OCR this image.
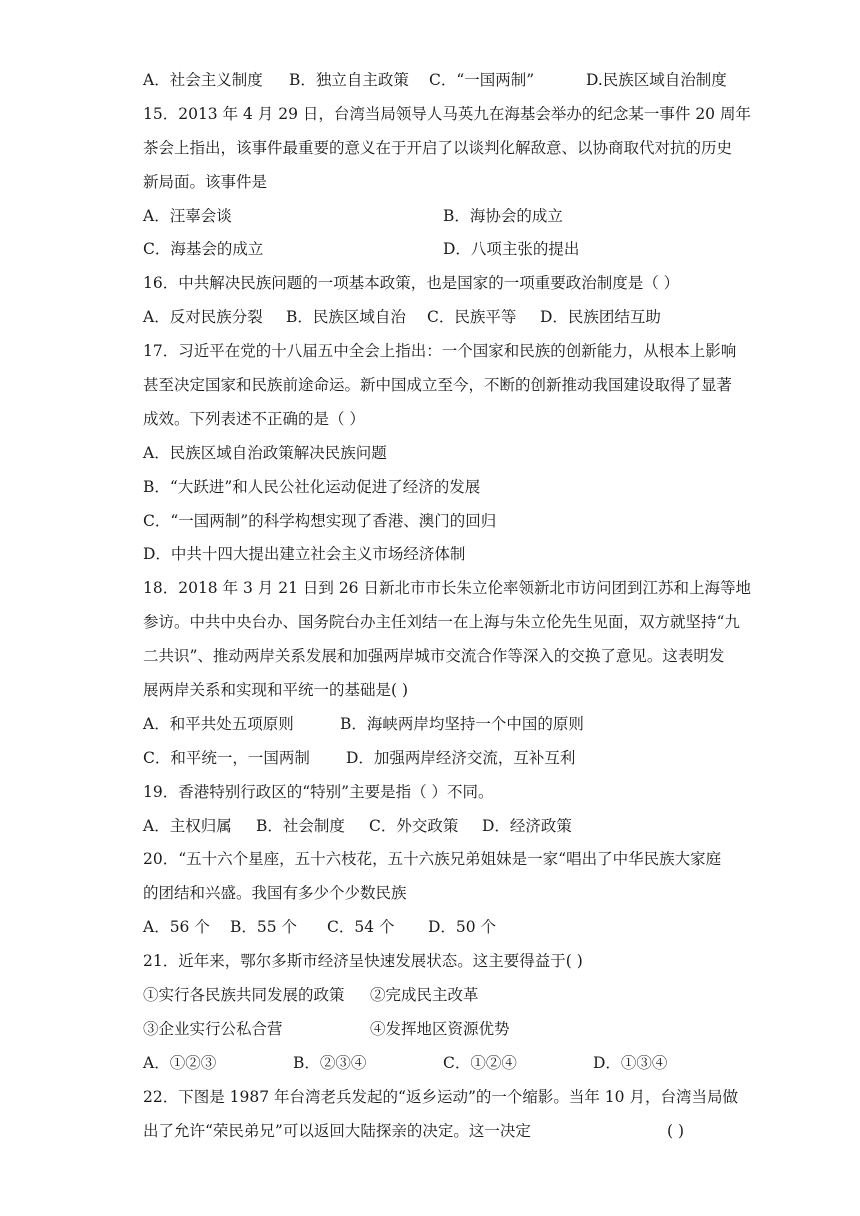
A．社会主义制度 B．独立自主政策 C．“一国两制”	D.民族区域自治制度
15．2013 年 4 月 29 日，台湾当局领导人马英九在海基会举办的纪念某一事件 20 周年
茶会上指出，该事件最重要的意义在于开启了以谈判化解敌意、以协商取代对抗的历史
新局面。该事件是
A．汪辜会谈	B．海协会的成立
C．海基会的成立	D．八项主张的提出
16．中共解决民族问题的一项基本政策，也是国家的一项重要政治制度是（ ）
A．反对民族分裂 B．民族区域自治 C．民族平等 D．民族团结互助
17．习近平在党的十八届五中全会上指出：一个国家和民族的创新能力，从根本上影响
甚至决定国家和民族前途命运。新中国成立至今，不断的创新推动我国建设取得了显著
成效。下列表述不正确的是（ ）
A．民族区域自治政策解决民族问题
B．“大跃进”和人民公社化运动促进了经济的发展
C．“一国两制”的科学构想实现了香港、澳门的回归
D．中共十四大提出建立社会主义市场经济体制
18．2018 年 3 月 21 日到 26 日新北市市长朱立伦率领新北市访问团到江苏和上海等地
参访。中共中央台办、国务院台办主任刘结一在上海与朱立伦先生见面，双方就坚持“九
二共识”、推动两岸关系发展和加强两岸城市交流合作等深入的交换了意见。这表明发
展两岸关系和实现和平统一的基础是( )
A．和平共处五项原则	B．海峡两岸均坚持一个中国的原则
C．和平统一，一国两制 D．加强两岸经济交流，互补互利
19．香港特别行政区的“特别”主要是指（ ）不同。
A．主权归属 B．社会制度 C．外交政策 D．经济政策
20．“五十六个星座，五十六枝花，五十六族兄弟姐妹是一家“唱出了中华民族大家庭
的团结和兴盛。我国有多少个少数民族
A．56 个 B．55 个 C．54 个 D．50 个
21．近年来，鄂尔多斯市经济呈快速发展状态。这主要得益于( )
①实行各民族共同发展的政策 ②完成民主改革
③企业实行公私合营	④发挥地区资源优势
A．①②③	B．②③④	C．①②④	D．①③④
22．下图是 1987 年台湾老兵发起的“返乡运动”的一个缩影。当年 10 月，台湾当局做
出了允许“荣民弟兄”可以返回大陆探亲的决定。这一决定	( )
